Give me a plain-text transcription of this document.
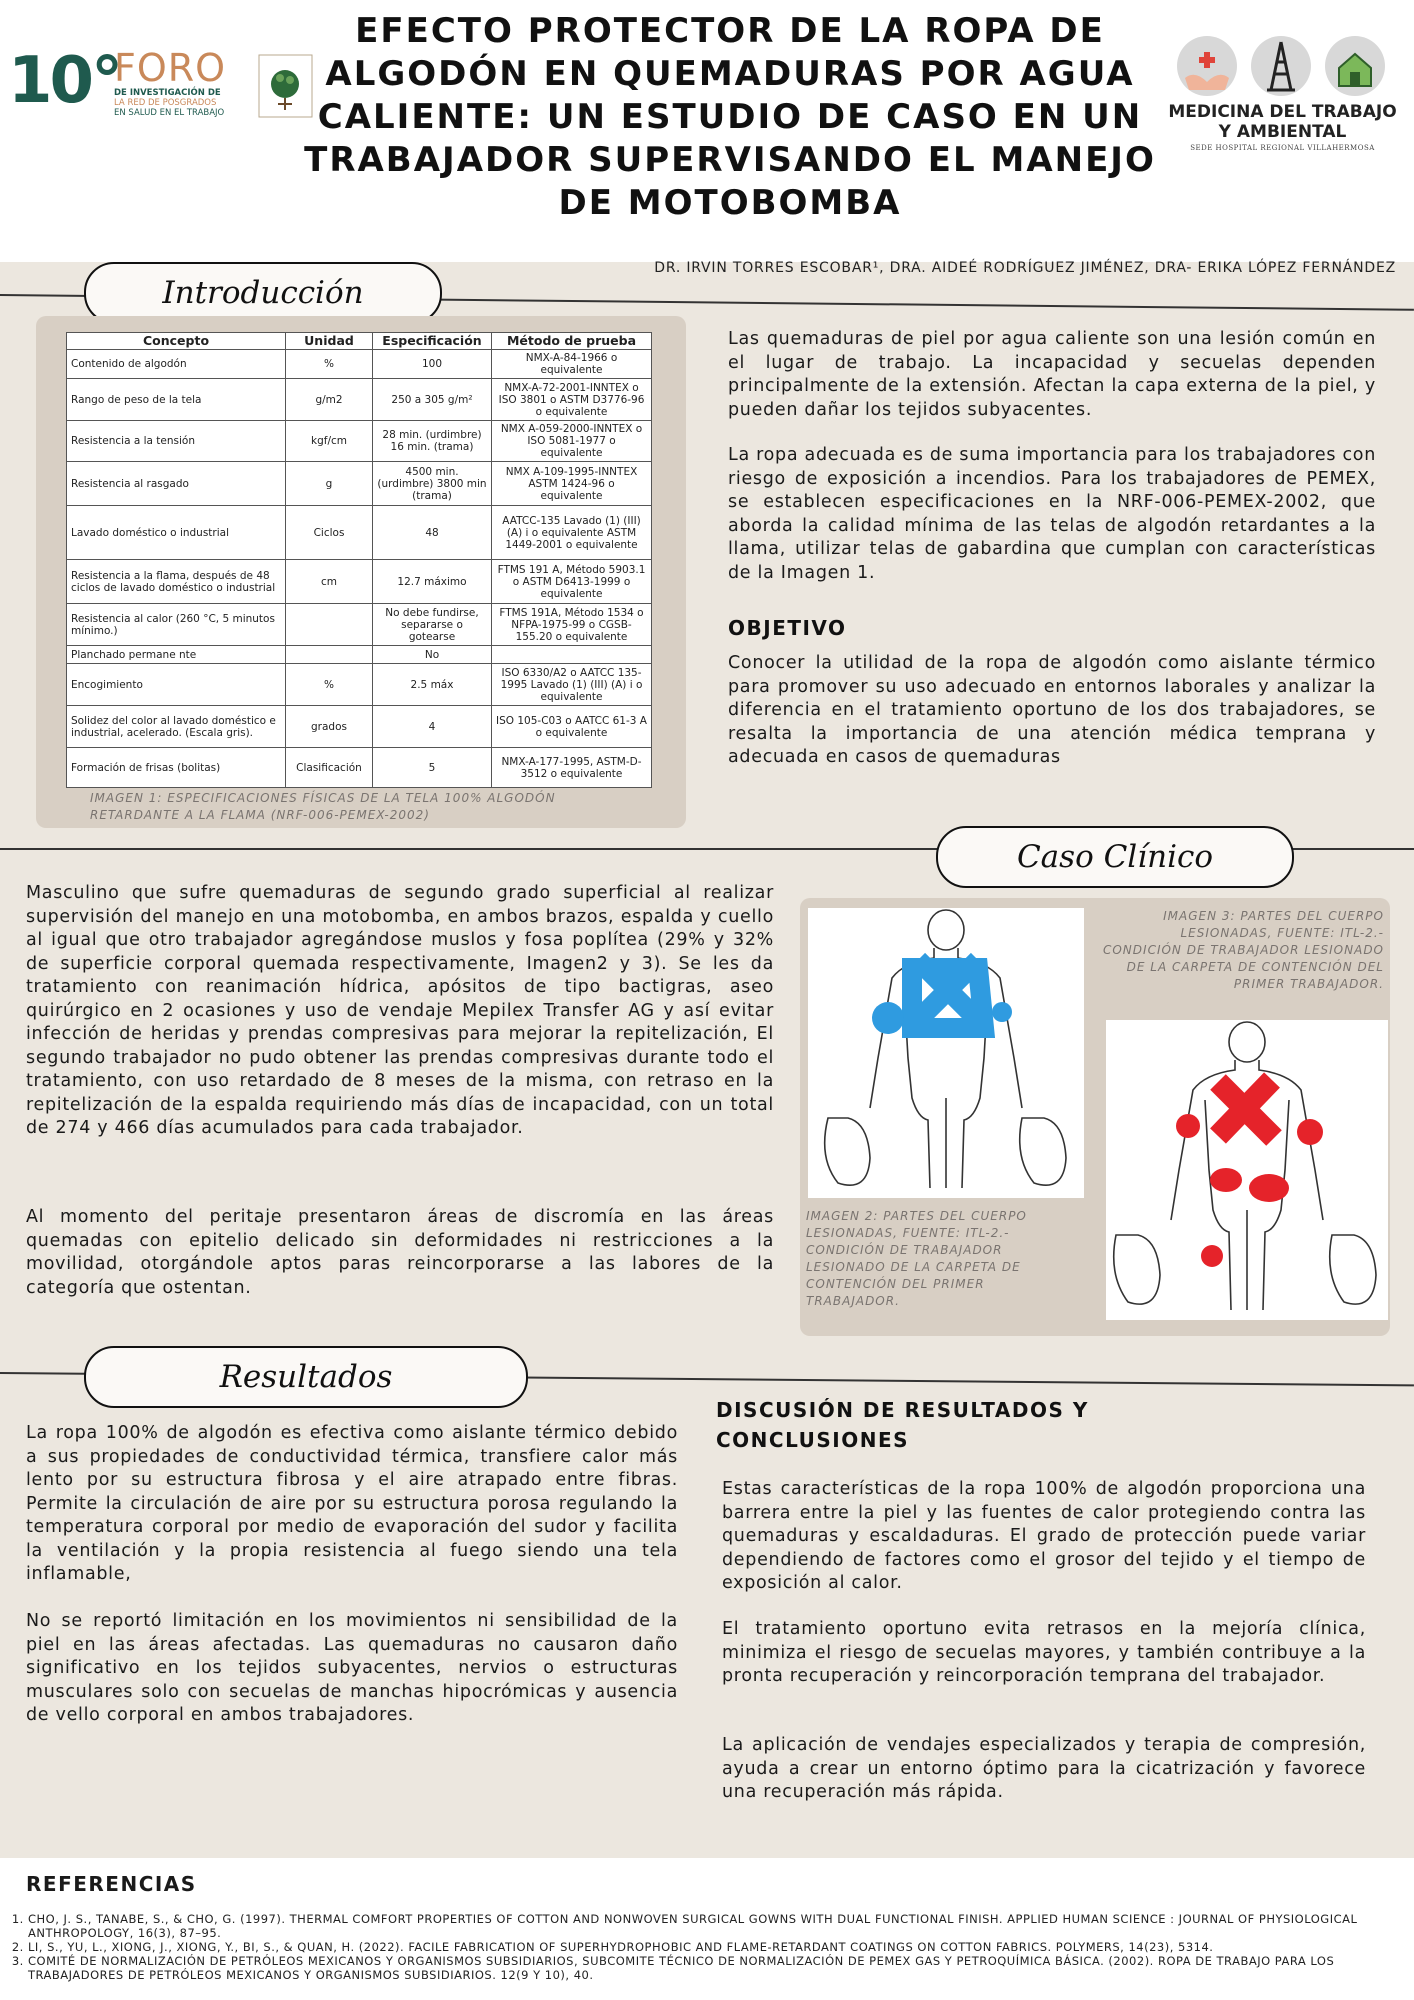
10°
FORO
DE INVESTIGACIÓN DE
LA RED DE POSGRADOS
EN SALUD EN EL TRABAJO
EFECTO PROTECTOR DE LA ROPA DE ALGODÓN EN QUEMADURAS POR AGUA CALIENTE: UN ESTUDIO DE CASO EN UN TRABAJADOR SUPERVISANDO EL MANEJO DE MOTOBOMBA
MEDICINA DEL TRABAJO
Y AMBIENTAL
SEDE HOSPITAL REGIONAL VILLAHERMOSA
DR. IRVIN TORRES ESCOBAR¹, DRA. AIDEÉ RODRÍGUEZ JIMÉNEZ, DRA- ERIKA LÓPEZ FERNÁNDEZ
Introducción
Concepto	Unidad	Especificación	Método de prueba
Contenido de algodón	%	100	NMX-A-84-1966 o equivalente
Rango de peso de la tela	g/m2	250 a 305 g/m²	NMX-A-72-2001-INNTEX o ISO 3801 o ASTM D3776-96 o equivalente
Resistencia a la tensión	kgf/cm	28 min. (urdimbre) 16 min. (trama)	NMX A-059-2000-INNTEX o ISO 5081-1977 o equivalente
Resistencia al rasgado	g	4500 min. (urdimbre) 3800 min (trama)	NMX A-109-1995-INNTEX ASTM 1424-96 o equivalente
Lavado doméstico o industrial	Ciclos	48	AATCC-135 Lavado (1) (III) (A) i o equivalente ASTM 1449-2001 o equivalente
Resistencia a la flama, después de 48 ciclos de lavado doméstico o industrial	cm	12.7 máximo	FTMS 191 A, Método 5903.1 o ASTM D6413-1999 o equivalente
Resistencia al calor (260 °C, 5 minutos mínimo.)		No debe fundirse, separarse o gotearse	FTMS 191A, Método 1534 o NFPA-1975-99 o CGSB-155.20 o equivalente
Planchado permane nte		No	
Encogimiento	%	2.5 máx	ISO 6330/A2 o AATCC 135-1995 Lavado (1) (III) (A) i o equivalente
Solidez del color al lavado doméstico e industrial, acelerado. (Escala gris).	grados	4	ISO 105-C03 o AATCC 61-3 A o equivalente
Formación de frisas (bolitas)	Clasificación	5	NMX-A-177-1995, ASTM-D-3512 o equivalente
IMAGEN 1: ESPECIFICACIONES FÍSICAS DE LA TELA 100% ALGODÓN RETARDANTE A LA FLAMA (NRF-006-PEMEX-2002)
Las quemaduras de piel por agua caliente son una lesión común en el lugar de trabajo. La incapacidad y secuelas dependen principalmente de la extensión. Afectan la capa externa de la piel, y pueden dañar los tejidos subyacentes.
La ropa adecuada es de suma importancia para los trabajadores con riesgo de exposición a incendios. Para los trabajadores de PEMEX, se establecen especificaciones en la NRF-006-PEMEX-2002, que aborda la calidad mínima de las telas de algodón retardantes a la llama, utilizar telas de gabardina que cumplan con características de la Imagen 1.
OBJETIVO
Conocer la utilidad de la ropa de algodón como aislante térmico para promover su uso adecuado en entornos laborales y analizar la diferencia en el tratamiento oportuno de los dos trabajadores, se resalta la importancia de una atención médica temprana y adecuada en casos de quemaduras
Caso Clínico
Masculino que sufre quemaduras de segundo grado superficial al realizar supervisión del manejo en una motobomba, en ambos brazos, espalda y cuello al igual que otro trabajador agregándose muslos y fosa poplítea (29% y 32% de superficie corporal quemada respectivamente, Imagen2 y 3). Se les da tratamiento con reanimación hídrica, apósitos de tipo bactigras, aseo quirúrgico en 2 ocasiones y uso de vendaje Mepilex Transfer AG y así evitar infección de heridas y prendas compresivas para mejorar la repitelización, El segundo trabajador no pudo obtener las prendas compresivas durante todo el tratamiento, con uso retardado de 8 meses de la misma, con retraso en la repitelización de la espalda requiriendo más días de incapacidad, con un total de 274 y 466 días acumulados para cada trabajador.
Al momento del peritaje presentaron áreas de discromía en las áreas quemadas con epitelio delicado sin deformidades ni restricciones a la movilidad, otorgándole aptos paras reincorporarse a las labores de la categoría que ostentan.
IMAGEN 2: PARTES DEL CUERPO LESIONADAS, FUENTE: ITL-2.- CONDICIÓN DE TRABAJADOR LESIONADO DE LA CARPETA DE CONTENCIÓN DEL PRIMER TRABAJADOR.
IMAGEN 3: PARTES DEL CUERPO LESIONADAS, FUENTE: ITL-2.- CONDICIÓN DE TRABAJADOR LESIONADO DE LA CARPETA DE CONTENCIÓN DEL PRIMER TRABAJADOR.
Resultados
La ropa 100% de algodón es efectiva como aislante térmico debido a sus propiedades de conductividad térmica, transfiere calor más lento por su estructura fibrosa y el aire atrapado entre fibras. Permite la circulación de aire por su estructura porosa regulando la temperatura corporal por medio de evaporación del sudor y facilita la ventilación y la propia resistencia al fuego siendo una tela inflamable,
No se reportó limitación en los movimientos ni sensibilidad de la piel en las áreas afectadas. Las quemaduras no causaron daño significativo en los tejidos subyacentes, nervios o estructuras musculares solo con secuelas de manchas hipocrómicas y ausencia de vello corporal en ambos trabajadores.
DISCUSIÓN DE RESULTADOS Y
CONCLUSIONES
Estas características de la ropa 100% de algodón proporciona una barrera entre la piel y las fuentes de calor protegiendo contra las quemaduras y escaldaduras. El grado de protección puede variar dependiendo de factores como el grosor del tejido y el tiempo de exposición al calor.
El tratamiento oportuno evita retrasos en la mejoría clínica, minimiza el riesgo de secuelas mayores, y también contribuye a la pronta recuperación y reincorporación temprana del trabajador.
La aplicación de vendajes especializados y terapia de compresión, ayuda a crear un entorno óptimo para la cicatrización y favorece una recuperación más rápida.
REFERENCIAS
1. CHO, J. S., TANABE, S., & CHO, G. (1997). THERMAL COMFORT PROPERTIES OF COTTON AND NONWOVEN SURGICAL GOWNS WITH DUAL FUNCTIONAL FINISH. APPLIED HUMAN SCIENCE : JOURNAL OF PHYSIOLOGICAL ANTHROPOLOGY, 16(3), 87–95.
2. LI, S., YU, L., XIONG, J., XIONG, Y., BI, S., & QUAN, H. (2022). FACILE FABRICATION OF SUPERHYDROPHOBIC AND FLAME-RETARDANT COATINGS ON COTTON FABRICS. POLYMERS, 14(23), 5314.
3. COMITÉ DE NORMALIZACIÓN DE PETRÓLEOS MEXICANOS Y ORGANISMOS SUBSIDIARIOS, SUBCOMITE TÉCNICO DE NORMALIZACIÓN DE PEMEX GAS Y PETROQUÍMICA BÁSICA. (2002). ROPA DE TRABAJO PARA LOS TRABAJADORES DE PETRÓLEOS MEXICANOS Y ORGANISMOS SUBSIDIARIOS. 12(9 Y 10), 40.
